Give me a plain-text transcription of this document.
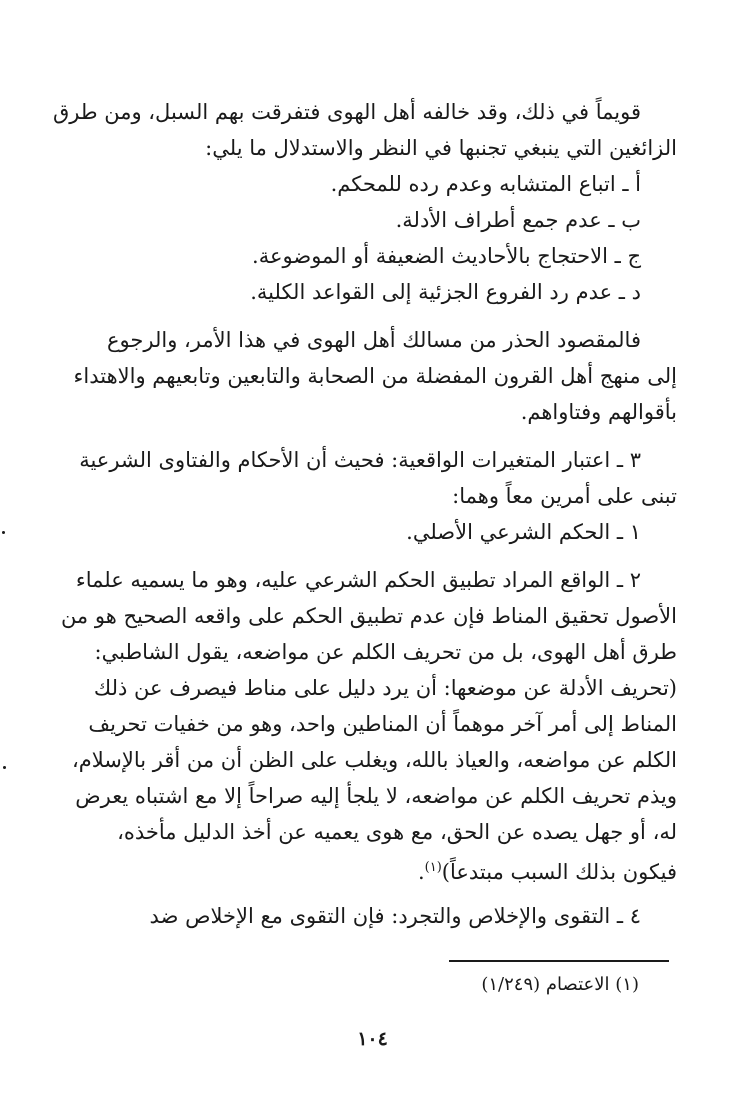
قويماً في ذلك، وقد خالفه أهل الهوى فتفرقت بهم السبل، ومن طرق
الزائغين التي ينبغي تجنبها في النظر والاستدلال ما يلي:
أ ـ اتباع المتشابه وعدم رده للمحكم.
ب ـ عدم جمع أطراف الأدلة.
ج ـ الاحتجاج بالأحاديث الضعيفة أو الموضوعة.
د ـ عدم رد الفروع الجزئية إلى القواعد الكلية.
فالمقصود الحذر من مسالك أهل الهوى في هذا الأمر، والرجوع
إلى منهج أهل القرون المفضلة من الصحابة والتابعين وتابعيهم والاهتداء
بأقوالهم وفتاواهم.
٣ ـ اعتبار المتغيرات الواقعية: فحيث أن الأحكام والفتاوى الشرعية
تبنى على أمرين معاً وهما:
١ ـ الحكم الشرعي الأصلي.
٢ ـ الواقع المراد تطبيق الحكم الشرعي عليه، وهو ما يسميه علماء
الأصول تحقيق المناط فإن عدم تطبيق الحكم على واقعه الصحيح هو من
طرق أهل الهوى، بل من تحريف الكلم عن مواضعه، يقول الشاطبي:
(تحريف الأدلة عن موضعها: أن يرد دليل على مناط فيصرف عن ذلك
المناط إلى أمر آخر موهماً أن المناطين واحد، وهو من خفيات تحريف
الكلم عن مواضعه، والعياذ بالله، ويغلب على الظن أن من أقر بالإسلام،
ويذم تحريف الكلم عن مواضعه، لا يلجأ إليه صراحاً إلا مع اشتباه يعرض
له، أو جهل يصده عن الحق، مع هوى يعميه عن أخذ الدليل مأخذه،
فيكون بذلك السبب مبتدعاً)$^{(١)}$.
٤ ـ التقوى والإخلاص والتجرد: فإن التقوى مع الإخلاص ضد
(١) الاعتصام (١/٢٤٩)
١٠٤
